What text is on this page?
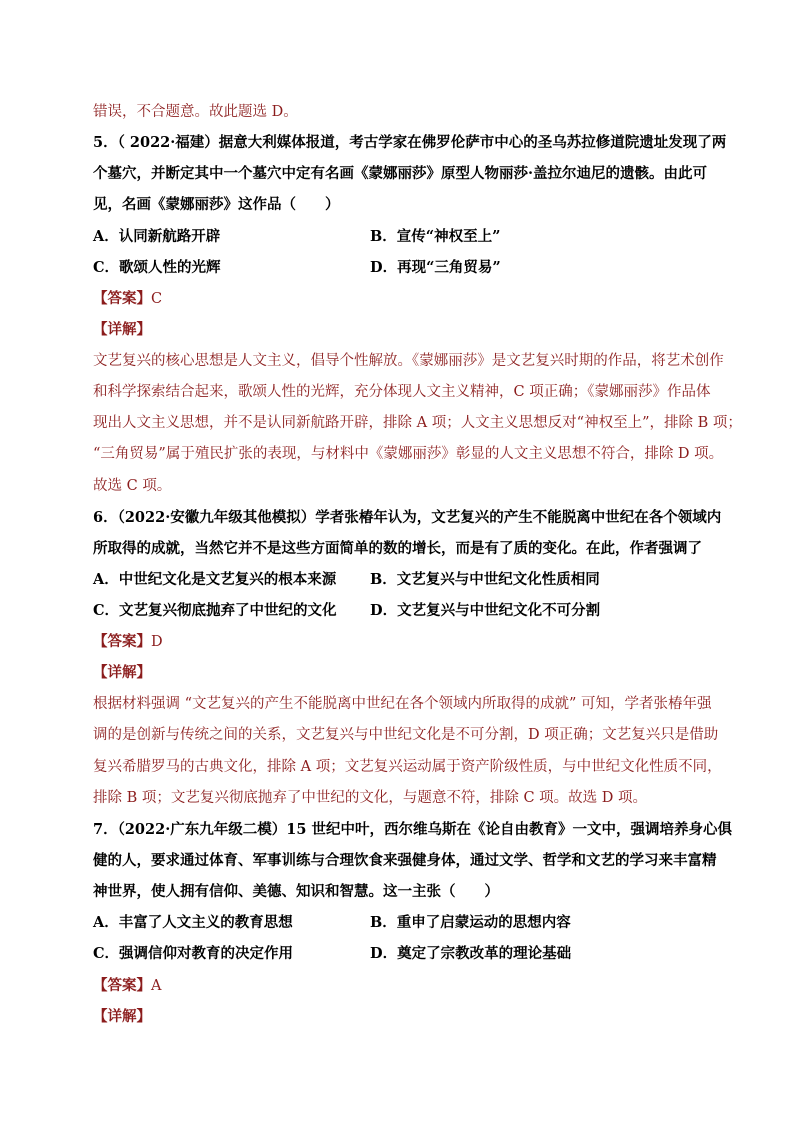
错误，不合题意。故此题选 D。
5．（ 2022·福建）据意大利媒体报道，考古学家在佛罗伦萨市中心的圣乌苏拉修道院遗址发现了两
个墓穴，并断定其中一个墓穴中定有名画《蒙娜丽莎》原型人物丽莎·盖拉尔迪尼的遗骸。由此可
见，名画《蒙娜丽莎》这作品（　　）
A．认同新航路开辟	B．宣传“神权至上”
C．歌颂人性的光辉	D．再现“三角贸易”
【答案】C
【详解】
文艺复兴的核心思想是人文主义，倡导个性解放。《蒙娜丽莎》是文艺复兴时期的作品，将艺术创作
和科学探索结合起来，歌颂人性的光辉，充分体现人文主义精神，C 项正确；《蒙娜丽莎》作品体
现出人文主义思想，并不是认同新航路开辟，排除 A 项；人文主义思想反对“神权至上”，排除 B 项；
“三角贸易”属于殖民扩张的表现，与材料中《蒙娜丽莎》彰显的人文主义思想不符合，排除 D 项。
故选 C 项。
6．（2022·安徽九年级其他模拟）学者张椿年认为，文艺复兴的产生不能脱离中世纪在各个领域内
所取得的成就，当然它并不是这些方面简单的数的增长，而是有了质的变化。在此，作者强调了
A．中世纪文化是文艺复兴的根本来源 B．文艺复兴与中世纪文化性质相同
C．文艺复兴彻底抛弃了中世纪的文化 D．文艺复兴与中世纪文化不可分割
【答案】D
【详解】
根据材料强调 “文艺复兴的产生不能脱离中世纪在各个领域内所取得的成就” 可知，学者张椿年强
调的是创新与传统之间的关系，文艺复兴与中世纪文化是不可分割，D 项正确；文艺复兴只是借助
复兴希腊罗马的古典文化，排除 A 项；文艺复兴运动属于资产阶级性质，与中世纪文化性质不同，
排除 B 项；文艺复兴彻底抛弃了中世纪的文化，与题意不符，排除 C 项。故选 D 项。
7．（2022·广东九年级二模）15 世纪中叶，西尔维乌斯在《论自由教育》一文中，强调培养身心俱
健的人，要求通过体育、军事训练与合理饮食来强健身体，通过文学、哲学和文艺的学习来丰富精
神世界，使人拥有信仰、美德、知识和智慧。这一主张（　　）
A．丰富了人文主义的教育思想	B．重申了启蒙运动的思想内容
C．强调信仰对教育的决定作用	D．奠定了宗教改革的理论基础
【答案】A
【详解】
